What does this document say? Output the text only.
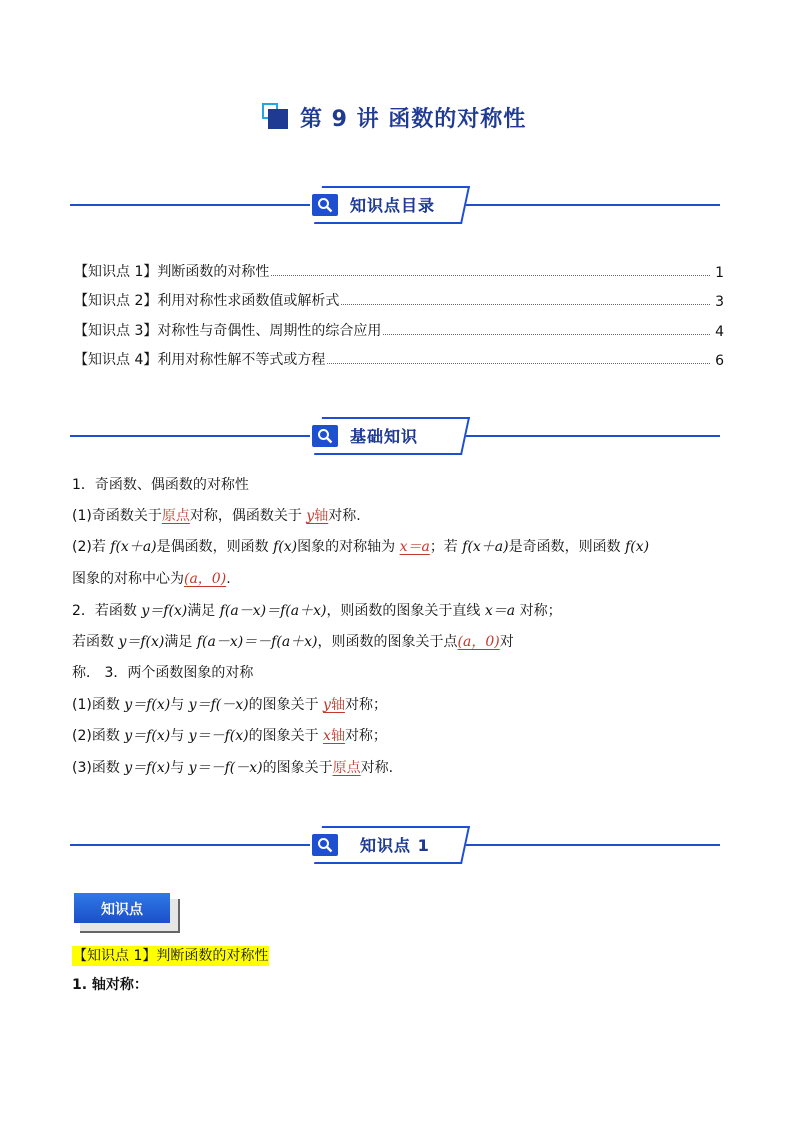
第 9 讲 函数的对称性
知识点目录
【知识点 1】判断函数的对称性	1
【知识点 2】利用对称性求函数值或解析式	3
【知识点 3】对称性与奇偶性、周期性的综合应用	4
【知识点 4】利用对称性解不等式或方程	6
基础知识
1．奇函数、偶函数的对称性
(1)奇函数关于原点对称，偶函数关于 y轴对称.
(2)若 f(x＋a)是偶函数，则函数 f(x)图象的对称轴为 x＝a；若 f(x＋a)是奇函数，则函数 f(x)
图象的对称中心为(a，0).
2．若函数 y＝f(x)满足 f(a－x)＝f(a＋x)，则函数的图象关于直线 x＝a 对称；
若函数 y＝f(x)满足 f(a－x)＝－f(a＋x)，则函数的图象关于点(a，0)对
称． 3．两个函数图象的对称
(1)函数 y＝f(x)与 y＝f(－x)的图象关于 y轴对称；
(2)函数 y＝f(x)与 y＝－f(x)的图象关于 x轴对称；
(3)函数 y＝f(x)与 y＝－f(－x)的图象关于原点对称.
知识点 1
知识点
【知识点 1】判断函数的对称性
1. 轴对称：
